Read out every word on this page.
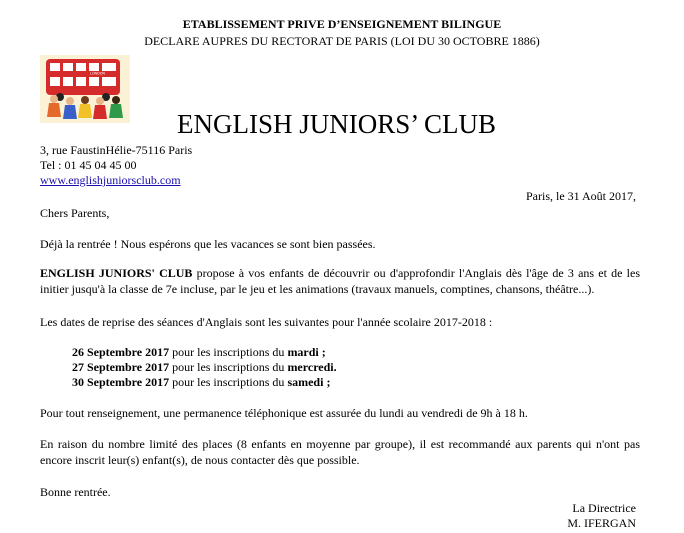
ETABLISSEMENT PRIVE D’ENSEIGNEMENT BILINGUE
DECLARE AUPRES DU RECTORAT DE PARIS (LOI DU 30 OCTOBRE 1886)
LONDON
ENGLISH JUNIORS’ CLUB
3, rue FaustinHélie-75116 Paris
Tel : 01 45 04 45 00
www.englishjuniorsclub.com
Paris, le 31 Août 2017,
Chers Parents,
Déjà la rentrée ! Nous espérons que les vacances se sont bien passées.
ENGLISH JUNIORS' CLUB propose à vos enfants de découvrir ou d'approfondir l'Anglais dès l'âge de 3 ans et de les initier jusqu'à la classe de 7e incluse, par le jeu et les animations (travaux manuels, comptines, chansons, théâtre...).
Les dates de reprise des séances d'Anglais sont les suivantes pour l'année scolaire 2017-2018 :
26 Septembre 2017 pour les inscriptions du mardi ;
27 Septembre 2017 pour les inscriptions du mercredi.
30 Septembre 2017 pour les inscriptions du samedi ;
Pour tout renseignement, une permanence téléphonique est assurée du lundi au vendredi de 9h à 18 h.
En raison du nombre limité des places (8 enfants en moyenne par groupe), il est recommandé aux parents qui n'ont pas encore inscrit leur(s) enfant(s), de nous contacter dès que possible.
Bonne rentrée.
La Directrice
M. IFERGAN
